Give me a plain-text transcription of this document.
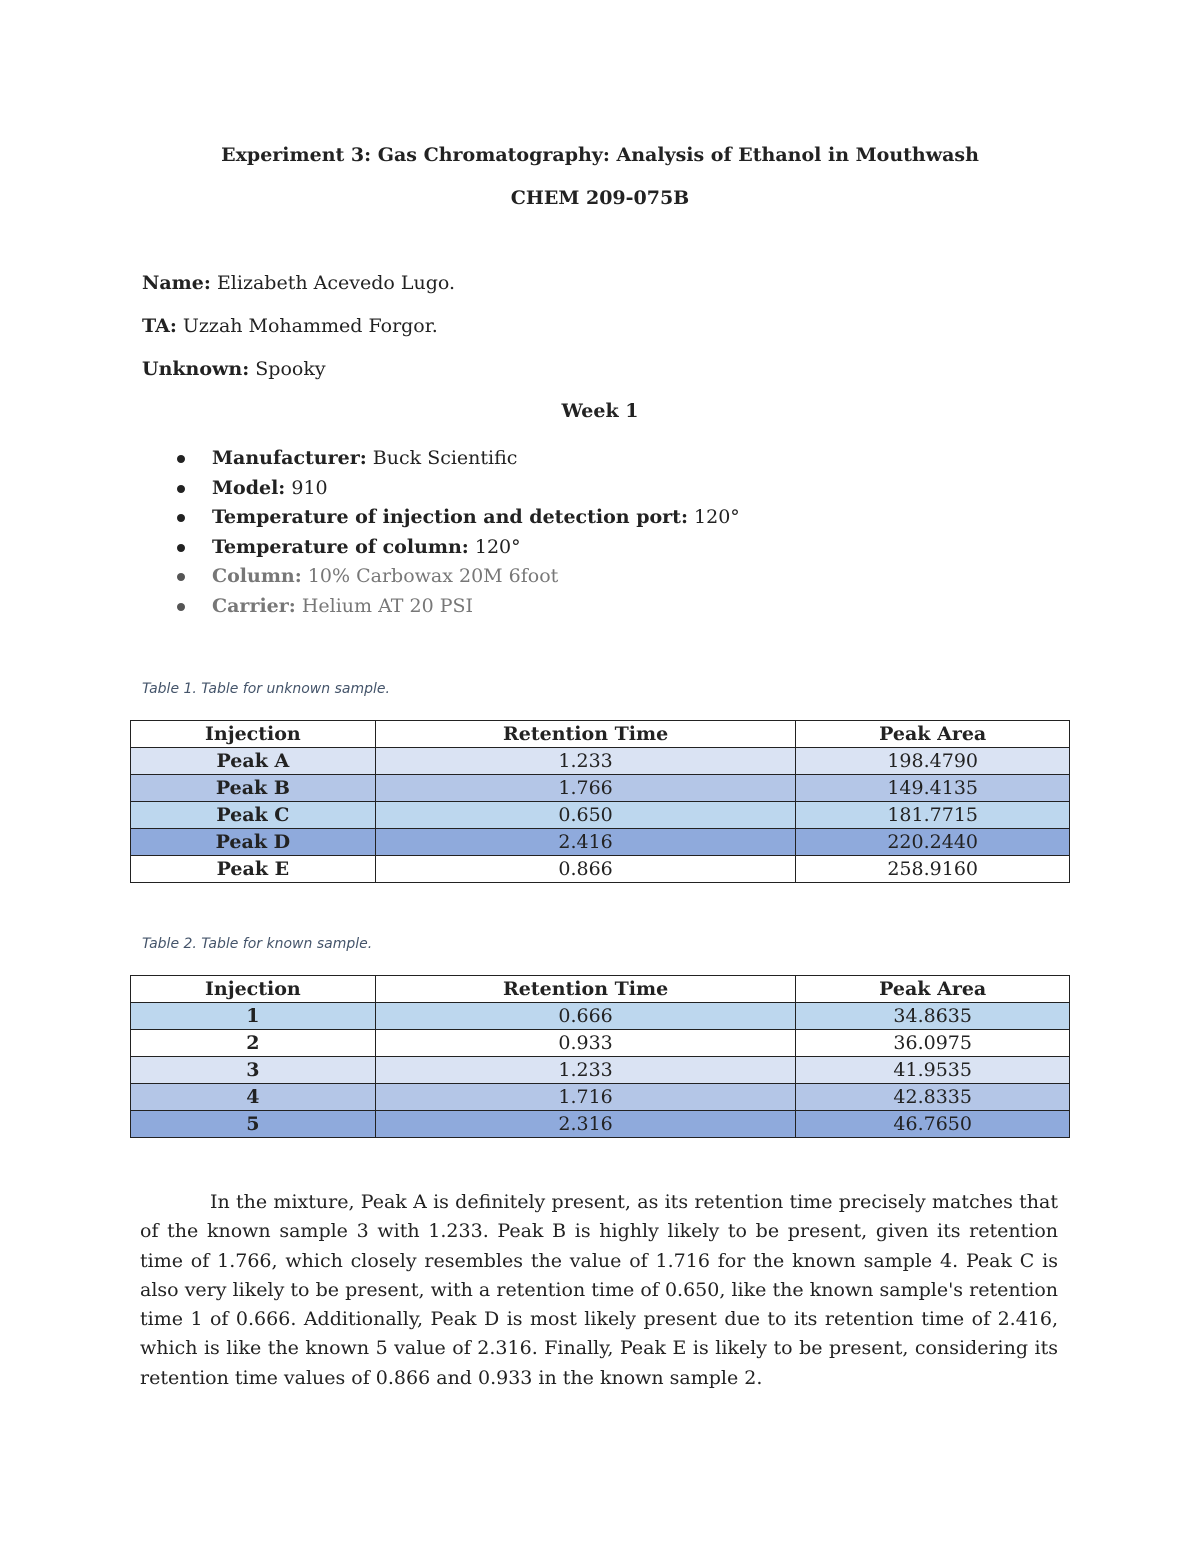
Experiment 3: Gas Chromatography: Analysis of Ethanol in Mouthwash
CHEM 209-075B
Name: Elizabeth Acevedo Lugo.
TA: Uzzah Mohammed Forgor.
Unknown: Spooky
Week 1
Manufacturer: Buck Scientific
Model: 910
Temperature of injection and detection port: 120°
Temperature of column: 120°
Column: 10% Carbowax 20M 6foot
Carrier: Helium AT 20 PSI
Table 1. Table for unknown sample.
Injection	Retention Time	Peak Area
Peak A	1.233	198.4790
Peak B	1.766	149.4135
Peak C	0.650	181.7715
Peak D	2.416	220.2440
Peak E	0.866	258.9160
Table 2. Table for known sample.
Injection	Retention Time	Peak Area
1	0.666	34.8635
2	0.933	36.0975
3	1.233	41.9535
4	1.716	42.8335
5	2.316	46.7650

In the mixture, Peak A is definitely present, as its retention time precisely matches that of the known sample 3 with 1.233. Peak B is highly likely to be present, given its retention time of 1.766, which closely resembles the value of 1.716 for the known sample 4. Peak C is also very likely to be present, with a retention time of 0.650, like the known sample's retention time 1 of 0.666. Additionally, Peak D is most likely present due to its retention time of 2.416, which is like the known 5 value of 2.316. Finally, Peak E is likely to be present, considering its retention time values of 0.866 and 0.933 in the known sample 2.
